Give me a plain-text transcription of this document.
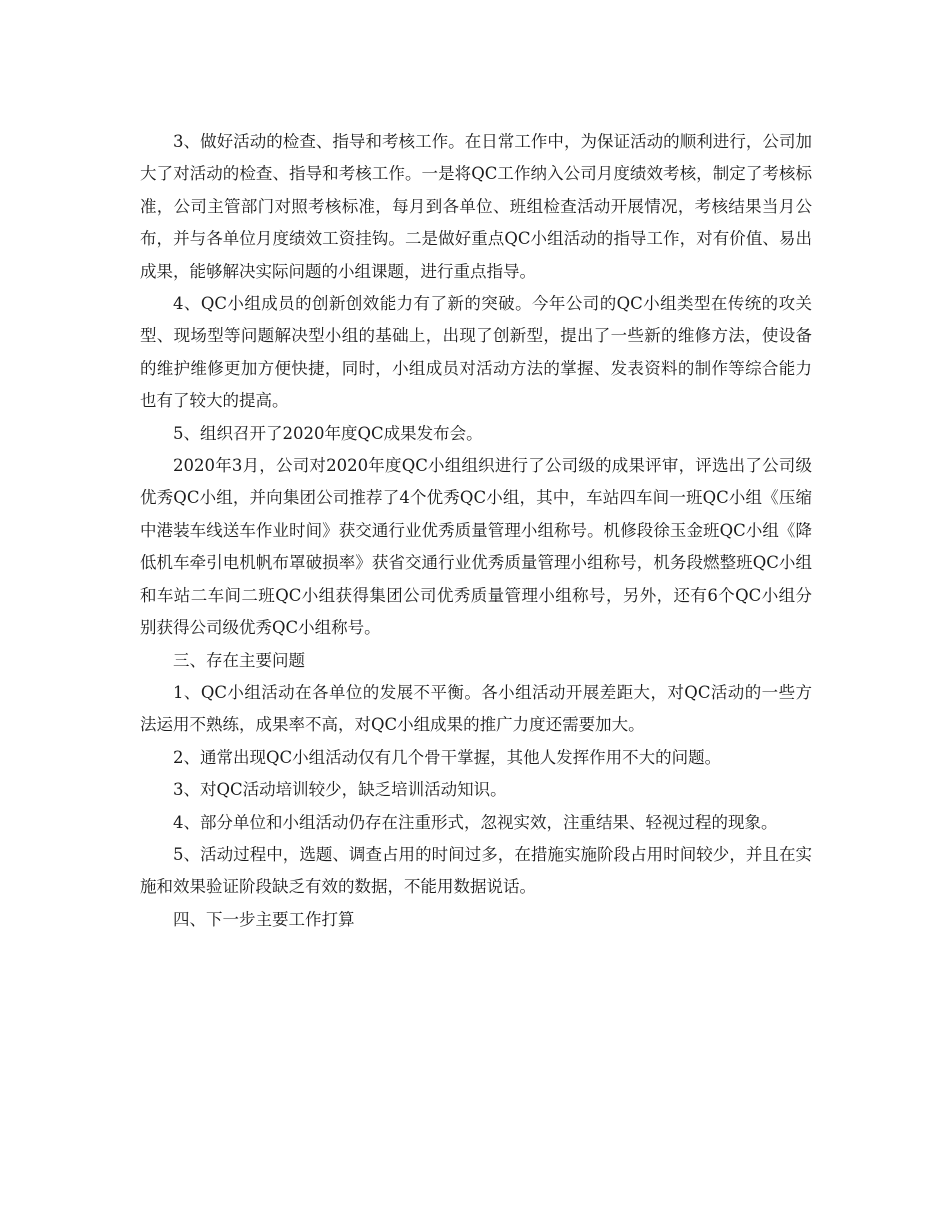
3、做好活动的检查、指导和考核工作。在日常工作中，为保证活动的顺利进行，公司加大了对活动的检查、指导和考核工作。一是将QC工作纳入公司月度绩效考核，制定了考核标准，公司主管部门对照考核标准，每月到各单位、班组检查活动开展情况，考核结果当月公布，并与各单位月度绩效工资挂钩。二是做好重点QC小组活动的指导工作，对有价值、易出成果，能够解决实际问题的小组课题，进行重点指导。

4、QC小组成员的创新创效能力有了新的突破。今年公司的QC小组类型在传统的攻关型、现场型等问题解决型小组的基础上，出现了创新型，提出了一些新的维修方法，使设备的维护维修更加方便快捷，同时，小组成员对活动方法的掌握、发表资料的制作等综合能力也有了较大的提高。

5、组织召开了2020年度QC成果发布会。

2020年3月，公司对2020年度QC小组组织进行了公司级的成果评审，评选出了公司级优秀QC小组，并向集团公司推荐了4个优秀QC小组，其中，车站四车间一班QC小组《压缩中港装车线送车作业时间》获交通行业优秀质量管理小组称号。机修段徐玉金班QC小组《降低机车牵引电机帆布罩破损率》获省交通行业优秀质量管理小组称号，机务段燃整班QC小组和车站二车间二班QC小组获得集团公司优秀质量管理小组称号，另外，还有6个QC小组分别获得公司级优秀QC小组称号。

三、存在主要问题

1、QC小组活动在各单位的发展不平衡。各小组活动开展差距大，对QC活动的一些方法运用不熟练，成果率不高，对QC小组成果的推广力度还需要加大。

2、通常出现QC小组活动仅有几个骨干掌握，其他人发挥作用不大的问题。

3、对QC活动培训较少，缺乏培训活动知识。

4、部分单位和小组活动仍存在注重形式，忽视实效，注重结果、轻视过程的现象。

5、活动过程中，选题、调查占用的时间过多，在措施实施阶段占用时间较少，并且在实施和效果验证阶段缺乏有效的数据，不能用数据说话。

四、下一步主要工作打算
